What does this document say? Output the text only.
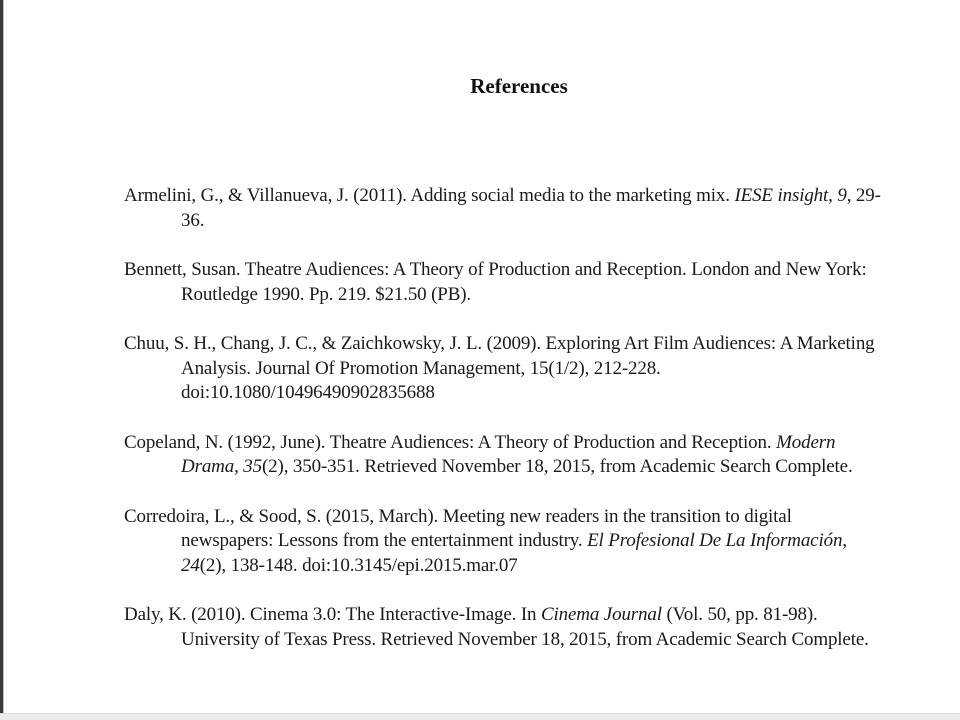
References
Armelini, G., & Villanueva, J. (2011). Adding social media to the marketing mix. IESE insight, 9, 29-36.
Bennett, Susan. Theatre Audiences: A Theory of Production and Reception. London and New York: Routledge 1990. Pp. 219. $21.50 (PB).
Chuu, S. H., Chang, J. C., & Zaichkowsky, J. L. (2009). Exploring Art Film Audiences: A Marketing Analysis. Journal Of Promotion Management, 15(1/2), 212-228. doi:10.1080/10496490902835688
Copeland, N. (1992, June). Theatre Audiences: A Theory of Production and Reception. Modern Drama, 35(2), 350-351. Retrieved November 18, 2015, from Academic Search Complete.
Corredoira, L., & Sood, S. (2015, March). Meeting new readers in the transition to digital newspapers: Lessons from the entertainment industry. El Profesional De La Información, 24(2), 138-148. doi:10.3145/epi.2015.mar.07
Daly, K. (2010). Cinema 3.0: The Interactive-Image. In Cinema Journal (Vol. 50, pp. 81-98). University of Texas Press. Retrieved November 18, 2015, from Academic Search Complete.
